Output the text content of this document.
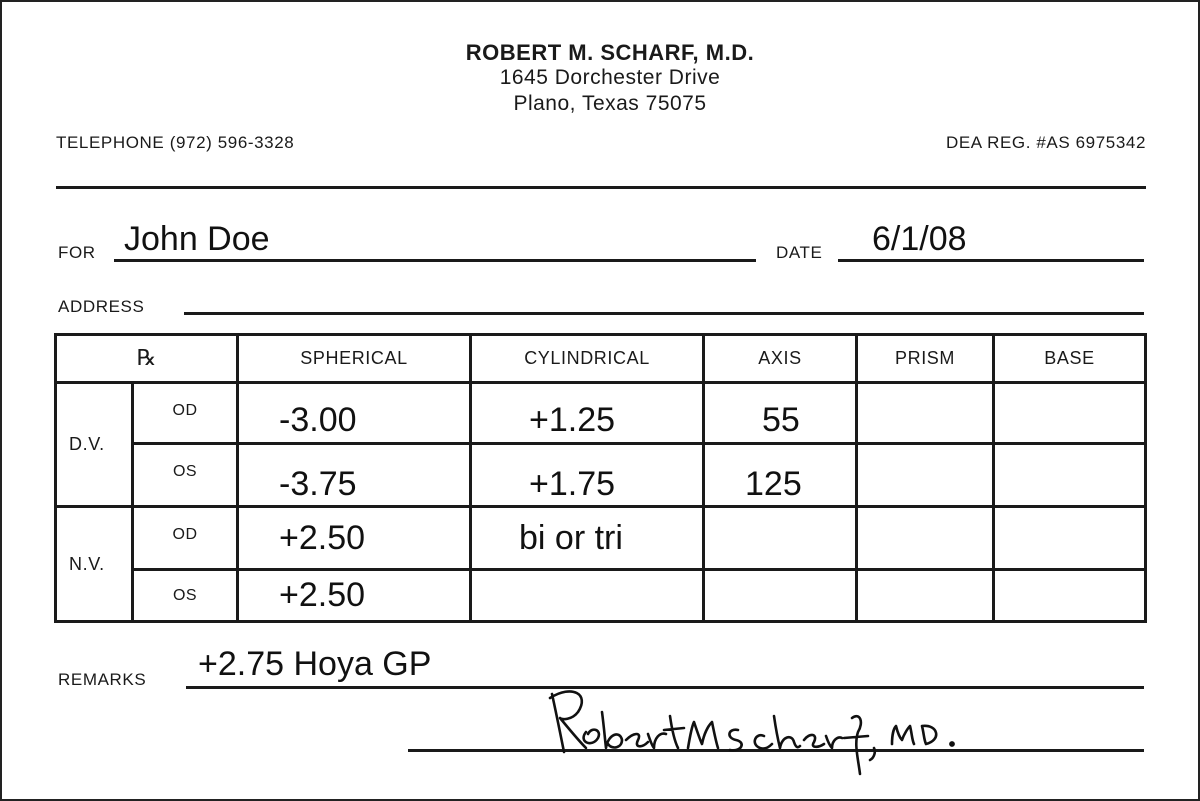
ROBERT M. SCHARF, M.D.
1645 Dorchester Drive
Plano, Texas 75075
TELEPHONE (972) 596-3328	DEA REG. #AS 6975342
FOR John Doe	DATE 6/1/08
ADDRESS
℞		SPHERICAL	CYLINDRICAL	AXIS	PRISM	BASE
D.V.	OD	-3.00	+1.25	55		
	OS	-3.75	+1.75	125		
N.V.	OD	+2.50	bi or tri			
	OS	+2.50				
REMARKS +2.75 Hoya GP
